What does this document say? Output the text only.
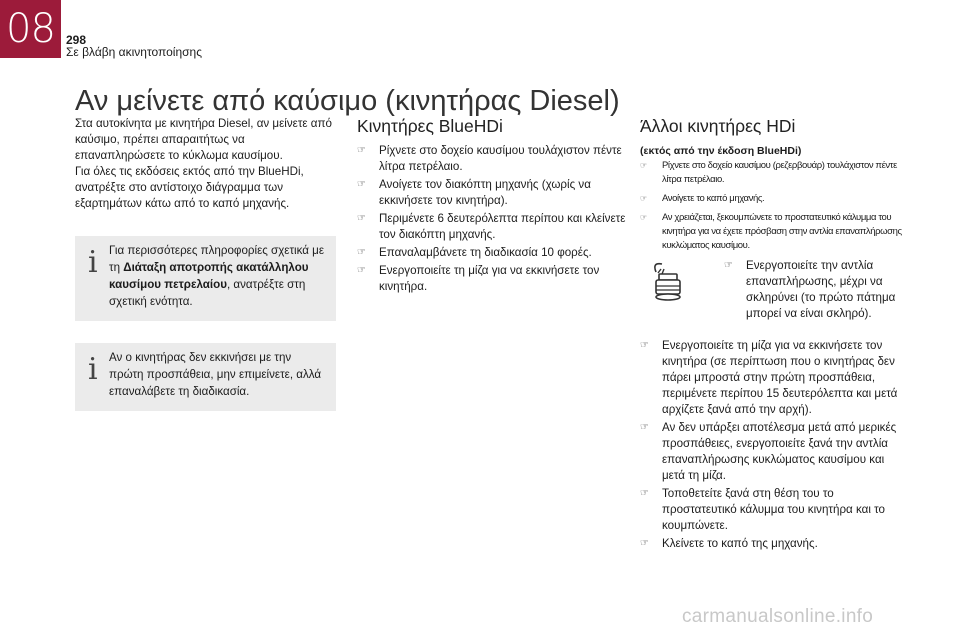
08 298
Σε βλάβη ακινητοποίησης
Αν μείνετε από καύσιμο (κινητήρας Diesel)

Στα αυτοκίνητα με κινητήρα Diesel, αν μείνετε από καύσιμο, πρέπει απαραιτήτως να επαναπληρώσετε το κύκλωμα καυσίμου.

Για όλες τις εκδόσεις εκτός από την BlueHDi, ανατρέξτε στο αντίστοιχο διάγραμμα των εξαρτημάτων κάτω από το καπό μηχανής.

i Για περισσότερες πληροφορίες σχετικά με τη Διάταξη αποτροπής ακατάλληλου καυσίμου πετρελαίου, ανατρέξτε στη σχετική ενότητα.
i Αν ο κινητήρας δεν εκκινήσει με την πρώτη προσπάθεια, μην επιμείνετε, αλλά επαναλάβετε τη διαδικασία.
Κινητήρες BlueHDi
☞ Ρίχνετε στο δοχείο καυσίμου τουλάχιστον πέντε λίτρα πετρέλαιο.
☞ Ανοίγετε τον διακόπτη μηχανής (χωρίς να εκκινήσετε τον κινητήρα).
☞ Περιμένετε 6 δευτερόλεπτα περίπου και κλείνετε τον διακόπτη μηχανής.
☞ Επαναλαμβάνετε τη διαδικασία 10 φορές.
☞ Ενεργοποιείτε τη μίζα για να εκκινήσετε τον κινητήρα.
Άλλοι κινητήρες HDi

(εκτός από την έκδοση BlueHDi)

☞ Ρίχνετε στο δοχείο καυσίμου (ρεζερβουάρ) τουλάχιστον πέντε λίτρα πετρέλαιο.
☞ Ανοίγετε το καπό μηχανής.
☞ Αν χρειάζεται, ξεκουμπώνετε το προστατευτικό κάλυμμα του κινητήρα για να έχετε πρόσβαση στην αντλία επαναπλήρωσης κυκλώματος καυσίμου.
☞ Ενεργοποιείτε την αντλία επαναπλήρωσης, μέχρι να σκληρύνει (το πρώτο πάτημα μπορεί να είναι σκληρό).
☞ Ενεργοποιείτε τη μίζα για να εκκινήσετε τον κινητήρα (σε περίπτωση που ο κινητήρας δεν πάρει μπροστά στην πρώτη προσπάθεια, περιμένετε περίπου 15 δευτερόλεπτα και μετά αρχίζετε ξανά από την αρχή).
☞ Αν δεν υπάρξει αποτέλεσμα μετά από μερικές προσπάθειες, ενεργοποιείτε ξανά την αντλία επαναπλήρωσης κυκλώματος καυσίμου και μετά τη μίζα.
☞ Τοποθετείτε ξανά στη θέση του το προστατευτικό κάλυμμα του κινητήρα και το κουμπώνετε.
☞ Κλείνετε το καπό της μηχανής.
carmanualsonline.info
